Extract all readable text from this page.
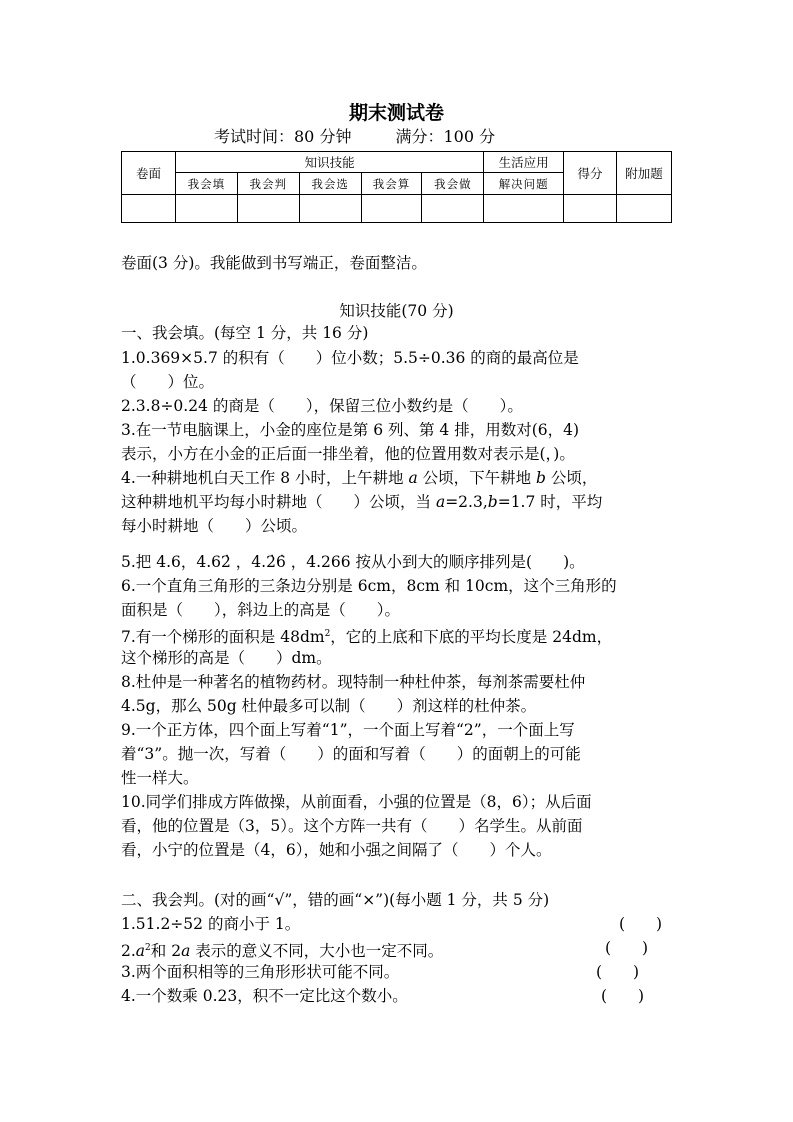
期末测试卷
考试时间：80 分钟	满分：100 分
卷面	知识技能					生活应用	得分	附加题
	我会填	我会判	我会选	我会算	我会做	解决问题		

卷面(3 分)。我能做到书写端正，卷面整洁。
知识技能(70 分)
一、我会填。(每空 1 分，共 16 分)
1.0.369×5.7 的积有（　　）位小数；5.5÷0.36 的商的最高位是
（　　）位。
2.3.8÷0.24 的商是（　　），保留三位小数约是（　　）。
3.在一节电脑课上，小金的座位是第 6 列、第 4 排，用数对(6，4)
表示，小方在小金的正后面一排坐着，他的位置用数对表示是(，)。
4.一种耕地机白天工作 8 小时，上午耕地 a 公顷，下午耕地 b 公顷，
这种耕地机平均每小时耕地（　　）公顷，当 a=2.3,b=1.7 时，平均
每小时耕地（　　）公顷。
5.把 4.6，4.62̇ ，4.2̇6̇ ，4.266 按从小到大的顺序排列是(　　)。
6.一个直角三角形的三条边分别是 6cm，8cm 和 10cm，这个三角形的
面积是（　　），斜边上的高是（　　）。
7.有一个梯形的面积是 $48dm^2$，它的上底和下底的平均长度是 24dm，
这个梯形的高是（　　）dm。
8.杜仲是一种著名的植物药材。现特制一种杜仲茶，每剂茶需要杜仲
4.5g，那么 50g 杜仲最多可以制（　　）剂这样的杜仲茶。
9.一个正方体，四个面上写着“1”，一个面上写着“2”，一个面上写
着“3”。抛一次，写着（　　）的面和写着（　　）的面朝上的可能
性一样大。
10.同学们排成方阵做操，从前面看，小强的位置是（8，6）；从后面
看，他的位置是（3，5）。这个方阵一共有（　　）名学生。从前面
看，小宁的位置是（4，6），她和小强之间隔了（　　）个人。
二、我会判。(对的画“√”，错的画“×”)(每小题 1 分，共 5 分)
1.51.2÷52 的商小于 1。	(　　)
$2.a^2$和 2a 表示的意义不同，大小也一定不同。	(　　)
3.两个面积相等的三角形形状可能不同。	(　　)
4.一个数乘 0.23，积不一定比这个数小。	(　　)
